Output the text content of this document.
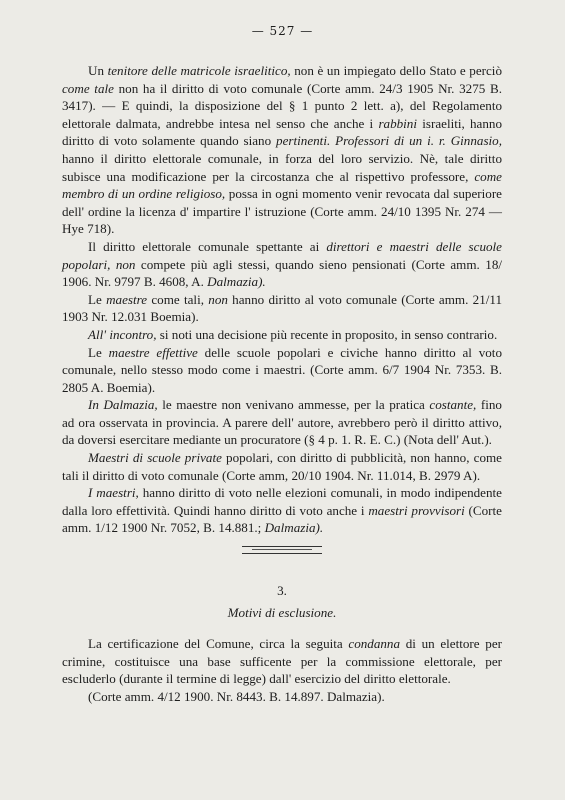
— 527 —

Un tenitore delle matricole israelitico, non è un impiegato dello Stato e perciò come tale non ha il diritto di voto comunale (Corte amm. 24/3 1905 Nr. 3275 B. 3417). — E quindi, la disposizione del § 1 punto 2 lett. a), del Regolamento elettorale dalmata, andrebbe intesa nel senso che anche i rabbini israeliti, hanno diritto di voto solamente quando siano pertinenti. Professori di un i. r. Ginnasio, hanno il diritto elettorale comunale, in forza del loro servizio. Nè, tale diritto subisce una modificazione per la circostanza che al rispettivo professore, come membro di un ordine religioso, possa in ogni momento venir revocata dal superiore dell' ordine la licenza d' impartire l' istruzione (Corte amm. 24/10 1395 Nr. 274 — Hye 718).

Il diritto elettorale comunale spettante ai direttori e maestri delle scuole popolari, non compete più agli stessi, quando sieno pensionati (Corte amm. 18/ 1906. Nr. 9797 B. 4608, A. Dalmazia).

Le maestre come tali, non hanno diritto al voto comunale (Corte amm. 21/11 1903 Nr. 12.031 Boemia).

All' incontro, si noti una decisione più recente in proposito, in senso contrario.

Le maestre effettive delle scuole popolari e civiche hanno diritto al voto comunale, nello stesso modo come i maestri. (Corte amm. 6/7 1904 Nr. 7353. B. 2805 A. Boemia).

In Dalmazia, le maestre non venivano ammesse, per la pratica costante, fino ad ora osservata in provincia. A parere dell' autore, avrebbero però il diritto attivo, da doversi esercitare mediante un procuratore (§ 4 p. 1. R. E. C.) (Nota dell' Aut.).

Maestri di scuole private popolari, con diritto di pubblicità, non hanno, come tali il diritto di voto comunale (Corte amm, 20/10 1904. Nr. 11.014, B. 2979 A).

I maestri, hanno diritto di voto nelle elezioni comunali, in modo indipendente dalla loro effettività. Quindi hanno diritto di voto anche i maestri provvisori (Corte amm. 1/12 1900 Nr. 7052, B. 14.881.; Dalmazia).

3.
Motivi di esclusione.

La certificazione del Comune, circa la seguita condanna di un elettore per crimine, costituisce una base sufficente per la commissione elettorale, per escluderlo (durante il termine di legge) dall' esercizio del diritto elettorale.

(Corte amm. 4/12 1900. Nr. 8443. B. 14.897. Dalmazia).
